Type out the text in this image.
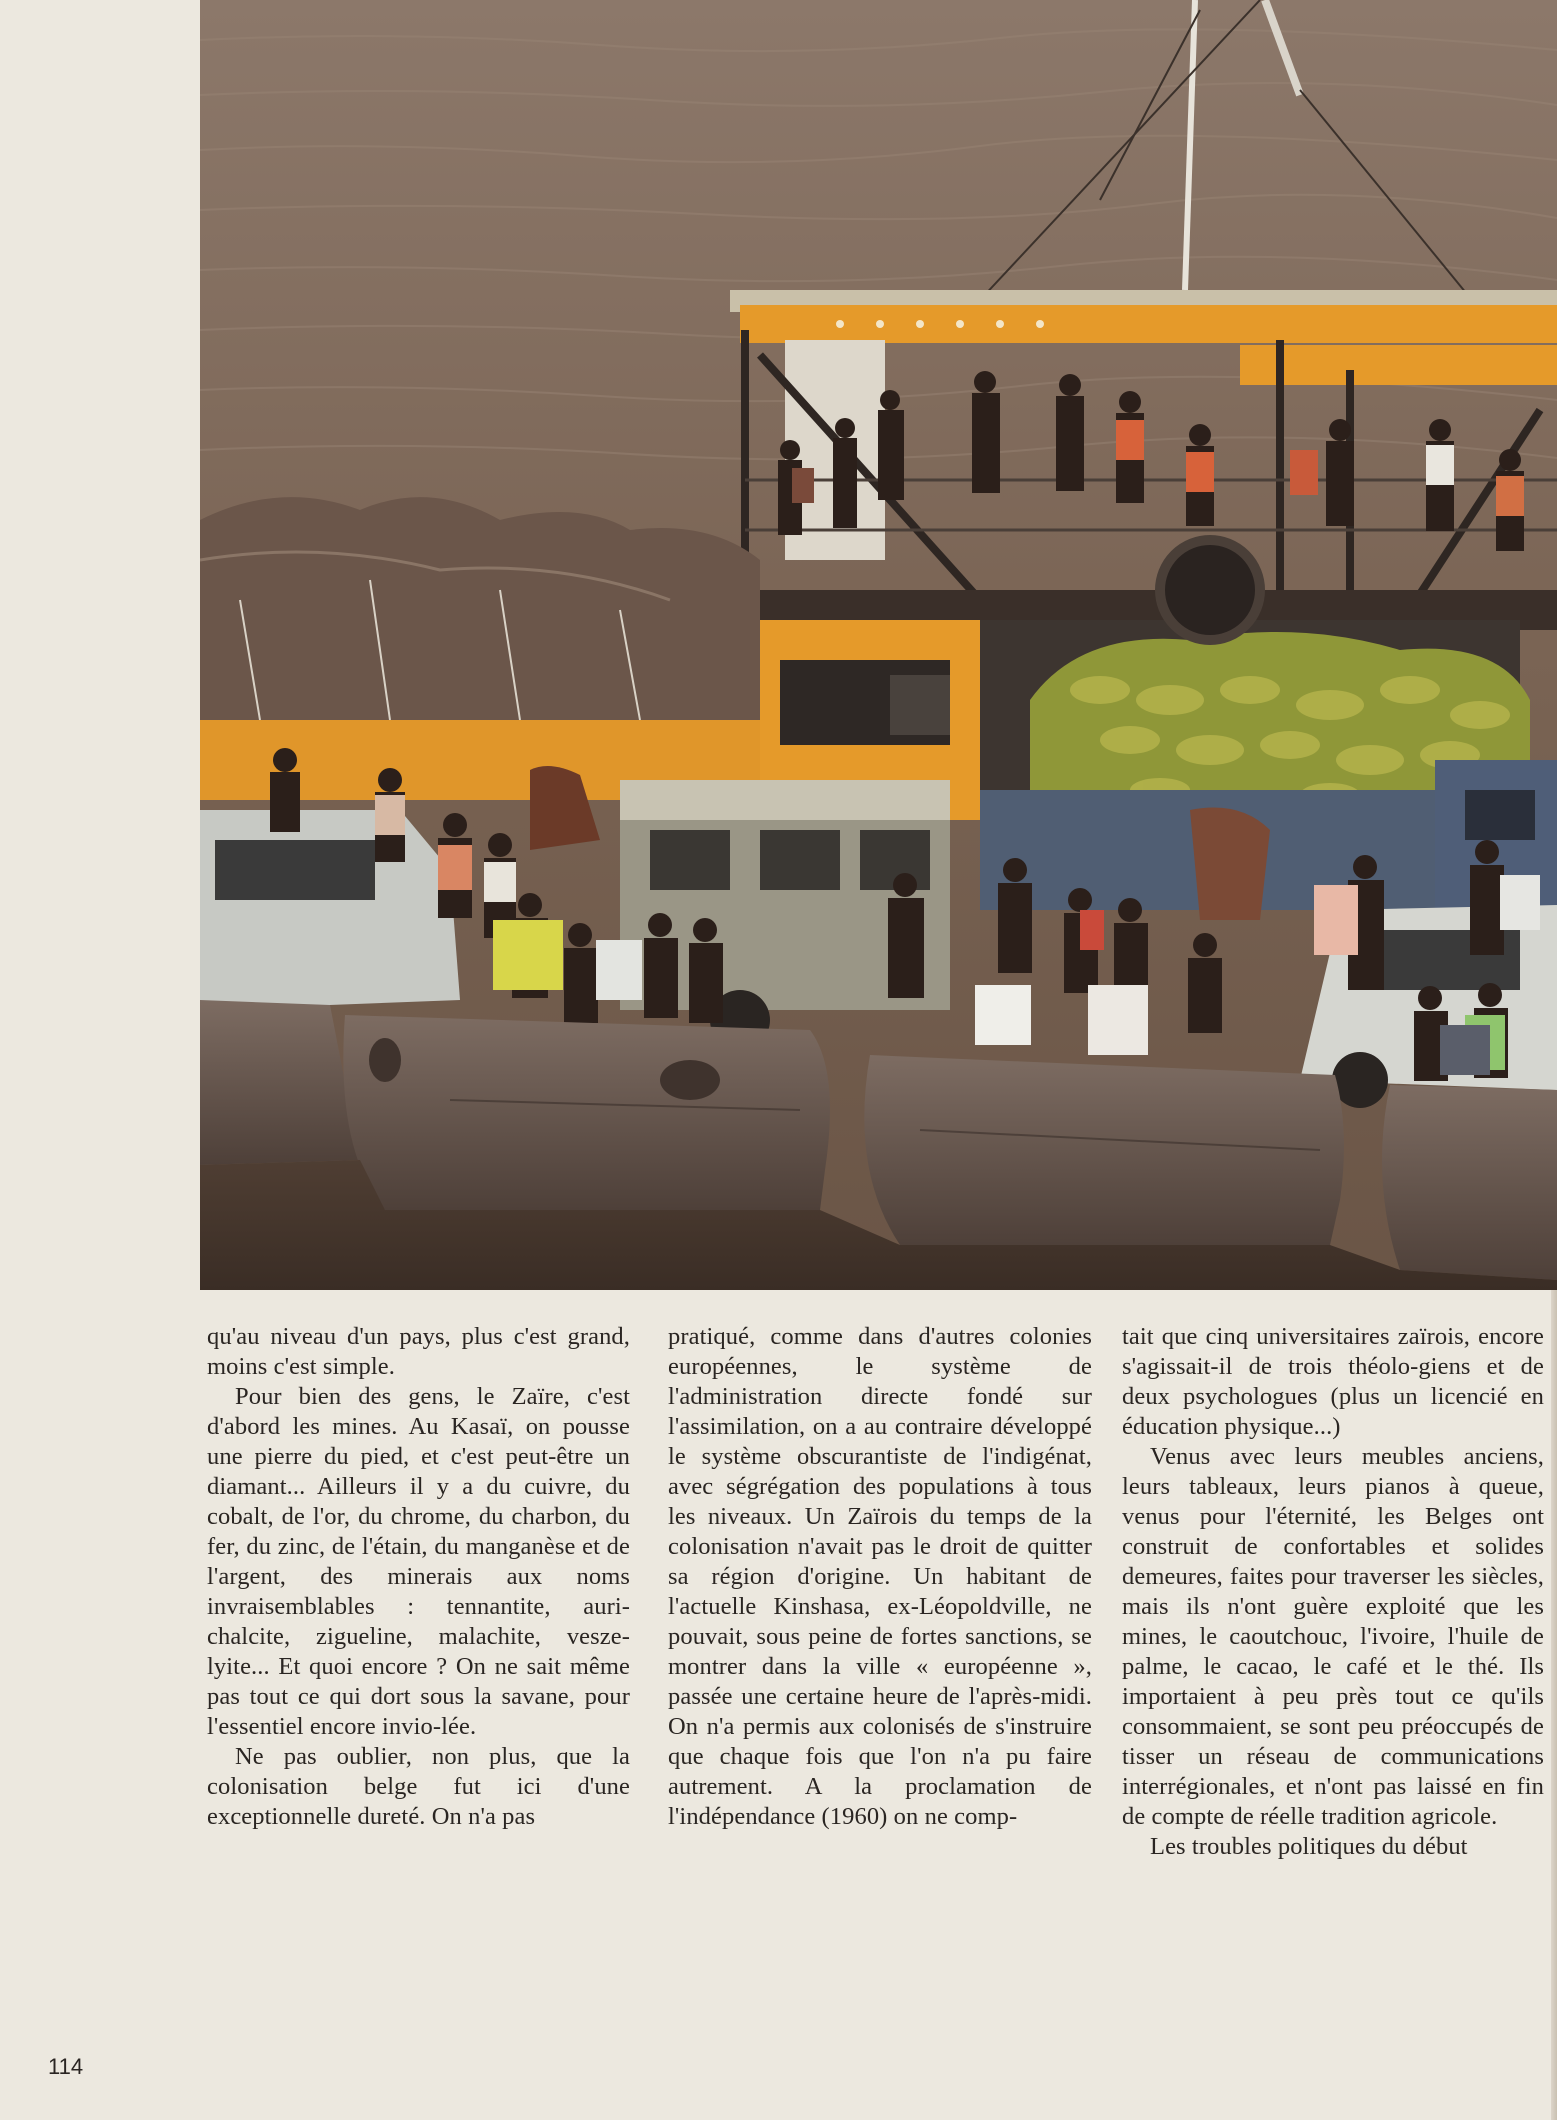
qu'au niveau d'un pays, plus c'est grand, moins c'est simple.

Pour bien des gens, le Zaïre, c'est d'abord les mines. Au Kasaï, on pousse une pierre du pied, et c'est peut-être un diamant... Ailleurs il y a du cuivre, du cobalt, de l'or, du chrome, du charbon, du fer, du zinc, de l'étain, du manganèse et de l'argent, des minerais aux noms invraisemblables : tennantite, auri-chalcite, zigueline, malachite, vesze-lyite... Et quoi encore ? On ne sait même pas tout ce qui dort sous la savane, pour l'essentiel encore invio-lée.

Ne pas oublier, non plus, que la colonisation belge fut ici d'une exceptionnelle dureté. On n'a pas

pratiqué, comme dans d'autres colonies européennes, le système de l'administration directe fondé sur l'assimilation, on a au contraire développé le système obscurantiste de l'indigénat, avec ségrégation des populations à tous les niveaux. Un Zaïrois du temps de la colonisation n'avait pas le droit de quitter sa région d'origine. Un habitant de l'actuelle Kinshasa, ex-Léopoldville, ne pouvait, sous peine de fortes sanctions, se montrer dans la ville « européenne », passée une certaine heure de l'après-midi. On n'a permis aux colonisés de s'instruire que chaque fois que l'on n'a pu faire autrement. A la proclamation de l'indépendance (1960) on ne comp-

tait que cinq universitaires zaïrois, encore s'agissait-il de trois théolo-giens et de deux psychologues (plus un licencié en éducation physique...)

Venus avec leurs meubles anciens, leurs tableaux, leurs pianos à queue, venus pour l'éternité, les Belges ont construit de confortables et solides demeures, faites pour traverser les siècles, mais ils n'ont guère exploité que les mines, le caoutchouc, l'ivoire, l'huile de palme, le cacao, le café et le thé. Ils importaient à peu près tout ce qu'ils consommaient, se sont peu préoccupés de tisser un réseau de communications interrégionales, et n'ont pas laissé en fin de compte de réelle tradition agricole.

Les troubles politiques du début

114
